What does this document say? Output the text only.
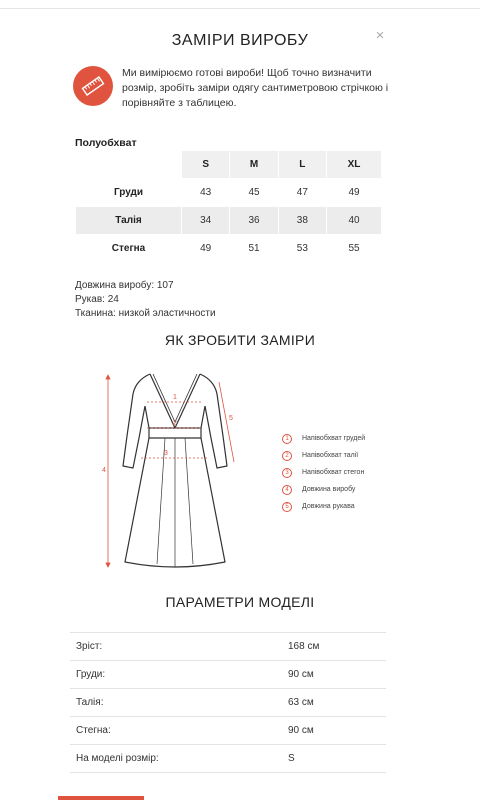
ЗАМІРИ ВИРОБУ	×
Ми вимірюємо готові вироби! Щоб точно визначити розмір, зробіть заміри одягу сантиметровою стрічкою і порівняйте з таблицею.
Полуобхват
	S	M	L	XL
Груди	43	45	47	49
Талія	34	36	38	40
Стегна	49	51	53	55
Довжина виробу: 107
Рукав: 24
Тканина: низкой эластичности
ЯК ЗРОБИТИ ЗАМІРИ
1
2
3
4
5
1	Напівобхват грудей
2	Напівобхват талії
3	Напівобхват стегон
4	Довжина виробу
5	Довжина рукава
ПАРАМЕТРИ МОДЕЛІ
Зріст:	168 см
Груди:	90 см
Талія:	63 см
Стегна:	90 см
На моделі розмір:	S
